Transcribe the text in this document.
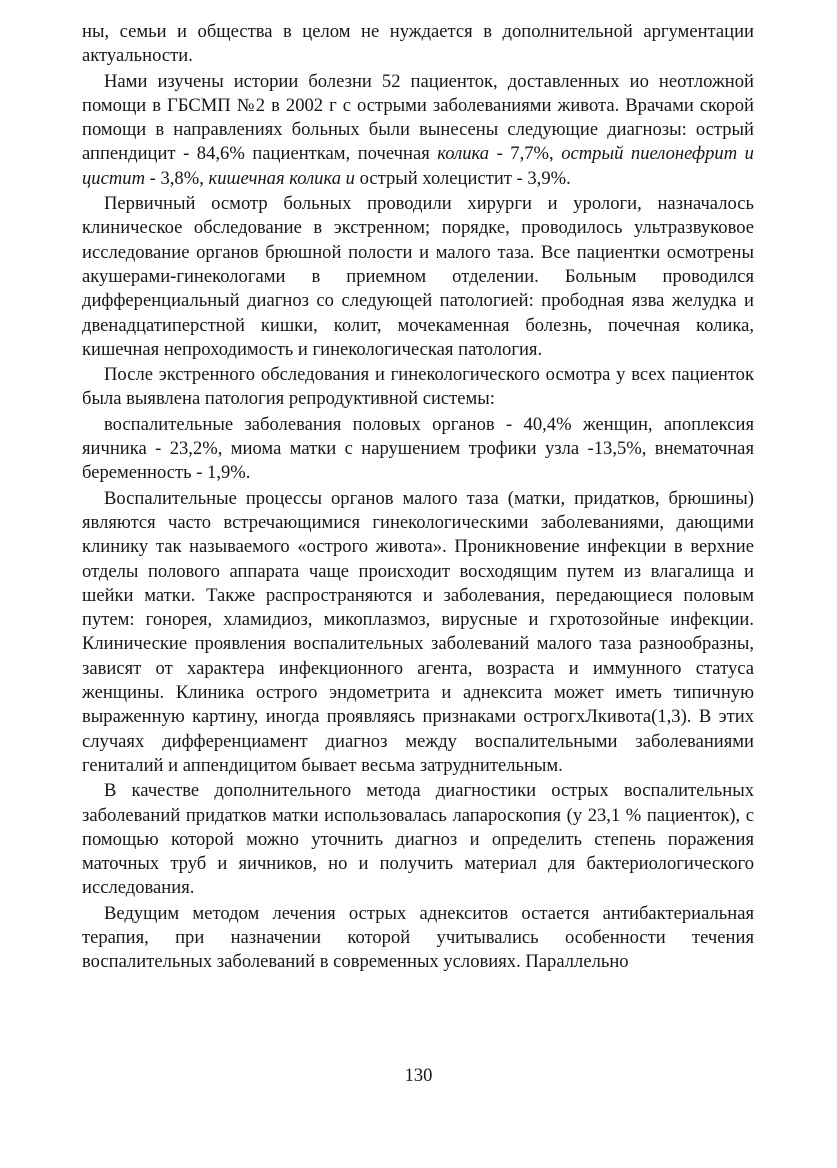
ны, семьи и общества в целом не нуждается в дополнительной аргументации актуальности.

Нами изучены истории болезни 52 пациенток, доставленных ио неотложной помощи в ГБСМП №2 в 2002 г с острыми заболеваниями живота. Врачами скорой помощи в направлениях больных были вынесены следующие диагнозы: острый аппендицит - 84,6% пациенткам, почечная колика - 7,7%, острый пиелонефрит и цистит - 3,8%, кишечная колика и острый холецистит - 3,9%.

Первичный осмотр больных проводили хирурги и урологи, назначалось клиническое обследование в экстренном; порядке, проводилось ультразвуковое исследование органов брюшной полости и малого таза. Все пациентки осмотрены акушерами-гинекологами в приемном отделении. Больным проводился дифференциальный диагноз со следующей патологией: прободная язва желудка и двенадцатиперстной кишки, колит, мочекаменная болезнь, почечная колика, кишечная непроходимость и гинекологическая патология.

После экстренного обследования и гинекологического осмотра у всех пациенток была выявлена патология репродуктивной системы:

воспалительные заболевания половых органов - 40,4% женщин, апоплексия яичника - 23,2%, миома матки с нарушением трофики узла -13,5%, внематочная беременность - 1,9%.

Воспалительные процессы органов малого таза (матки, придатков, брюшины) являются часто встречающимися гинекологическими заболеваниями, дающими клинику так называемого «острого живота». Проникновение инфекции в верхние отделы полового аппарата чаще происходит восходящим путем из влагалища и шейки матки. Также распространяются и заболевания, передающиеся половым путем: гонорея, хламидиоз, микоплазмоз, вирусные и гхротозойные инфекции. Клинические проявления воспалительных заболеваний малого таза разнообразны, зависят от характера инфекционного агента, возраста и иммунного статуса женщины. Клиника острого эндометрита и аднексита может иметь типичную выраженную картину, иногда проявляясь признаками острогхЛкивота(1,3). В этих случаях дифференциамент диагноз между воспалительными заболеваниями гениталий и аппендицитом бывает весьма затруднительным.

В качестве дополнительного метода диагностики острых воспалительных заболеваний придатков матки использовалась лапароскопия (у 23,1 % пациенток), с помощью которой можно уточнить диагноз и определить степень поражения маточных труб и яичников, но и получить материал для бактериологического исследования.

Ведущим методом лечения острых аднекситов остается антибактериальная терапия, при назначении которой учитывались особенности течения воспалительных заболеваний в современных условиях. Параллельно

130
